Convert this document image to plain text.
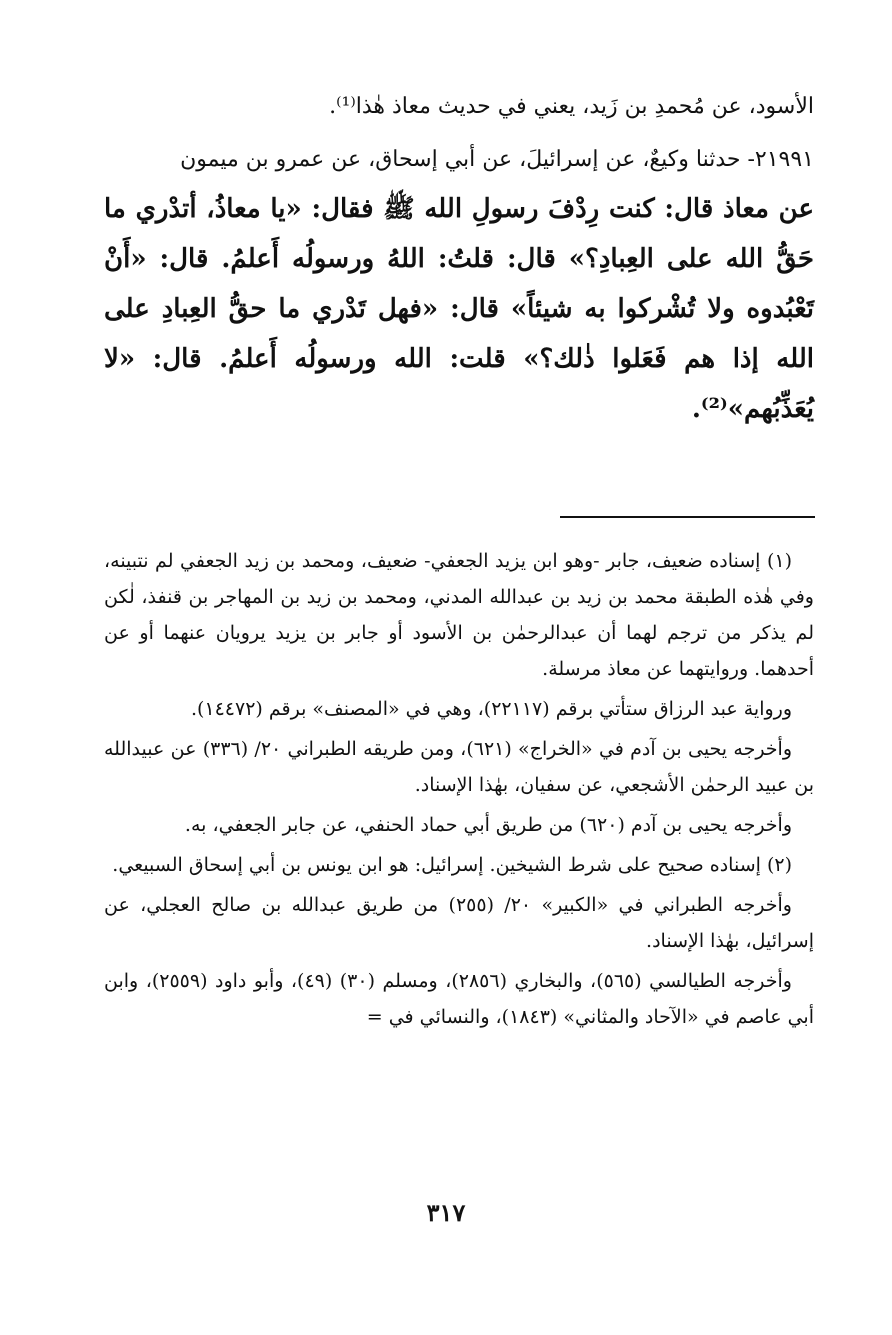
الأسود، عن مُحمدِ بن زَيد، يعني في حديث معاذ هٰذا⁽¹⁾.

٢١٩٩١- حدثنا وكيعٌ، عن إسرائيلَ، عن أبي إسحاق، عن عمرو بن ميمون

عن معاذ قال: كنت رِدْفَ رسولِ الله ﷺ فقال: «يا معاذُ، أتدْري ما حَقُّ الله على العِبادِ؟» قال: قلتُ: اللهُ ورسولُه أَعلمُ. قال: «أَنْ تَعْبُدوه ولا تُشْركوا به شيئاً» قال: «فهل تَدْري ما حقُّ العِبادِ على الله إذا هم فَعَلوا ذٰلك؟» قلت: الله ورسولُه أَعلمُ. قال: «لا يُعَذِّبُهم»⁽²⁾.

(١) إسناده ضعيف، جابر -وهو ابن يزيد الجعفي- ضعيف، ومحمد بن زيد الجعفي لم نتبينه، وفي هٰذه الطبقة محمد بن زيد بن عبدالله المدني، ومحمد بن زيد بن المهاجر بن قنفذ، لٰكن لم يذكر من ترجم لهما أن عبدالرحمٰن بن الأسود أو جابر بن يزيد يرويان عنهما أو عن أحدهما. وروايتهما عن معاذ مرسلة.

ورواية عبد الرزاق ستأتي برقم (٢٢١١٧)، وهي في «المصنف» برقم (١٤٤٧٢).

وأخرجه يحيى بن آدم في «الخراج» (٦٢١)، ومن طريقه الطبراني ٢٠/ (٣٣٦) عن عبيدالله بن عبيد الرحمٰن الأشجعي، عن سفيان، بهٰذا الإسناد.

وأخرجه يحيى بن آدم (٦٢٠) من طريق أبي حماد الحنفي، عن جابر الجعفي، به.

(٢) إسناده صحيح على شرط الشيخين. إسرائيل: هو ابن يونس بن أبي إسحاق السبيعي.

وأخرجه الطبراني في «الكبير» ٢٠/ (٢٥٥) من طريق عبدالله بن صالح العجلي، عن إسرائيل، بهٰذا الإسناد.

وأخرجه الطيالسي (٥٦٥)، والبخاري (٢٨٥٦)، ومسلم (٣٠) (٤٩)، وأبو داود (٢٥٥٩)، وابن أبي عاصم في «الآحاد والمثاني» (١٨٤٣)، والنسائي في =

٣١٧
